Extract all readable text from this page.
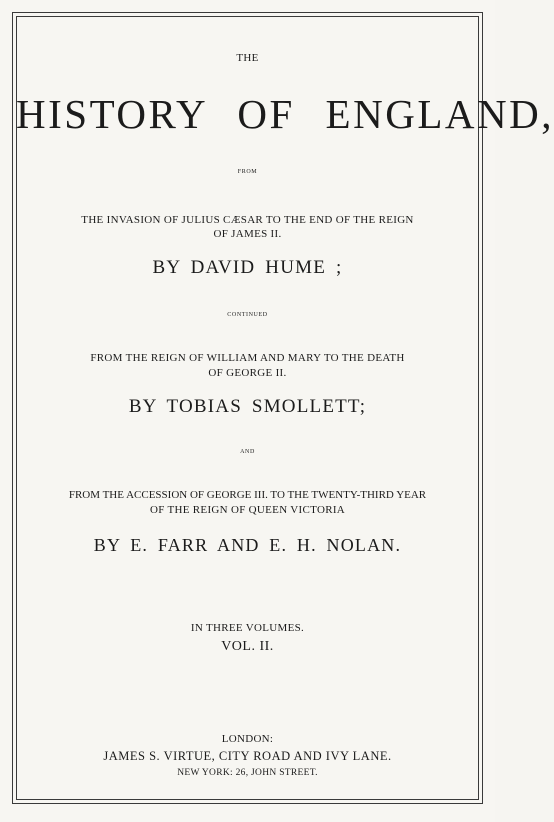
THE
HISTORY OF ENGLAND,
FROM
THE INVASION OF JULIUS CÆSAR TO THE END OF THE REIGN
OF JAMES II.
BY DAVID HUME ;
CONTINUED
FROM THE REIGN OF WILLIAM AND MARY TO THE DEATH
OF GEORGE II.
BY TOBIAS SMOLLETT;
AND
FROM THE ACCESSION OF GEORGE III. TO THE TWENTY-THIRD YEAR
OF THE REIGN OF QUEEN VICTORIA
BY E. FARR AND E. H. NOLAN.
IN THREE VOLUMES.
VOL. II.
LONDON:
JAMES S. VIRTUE, CITY ROAD AND IVY LANE.
NEW YORK: 26, JOHN STREET.
